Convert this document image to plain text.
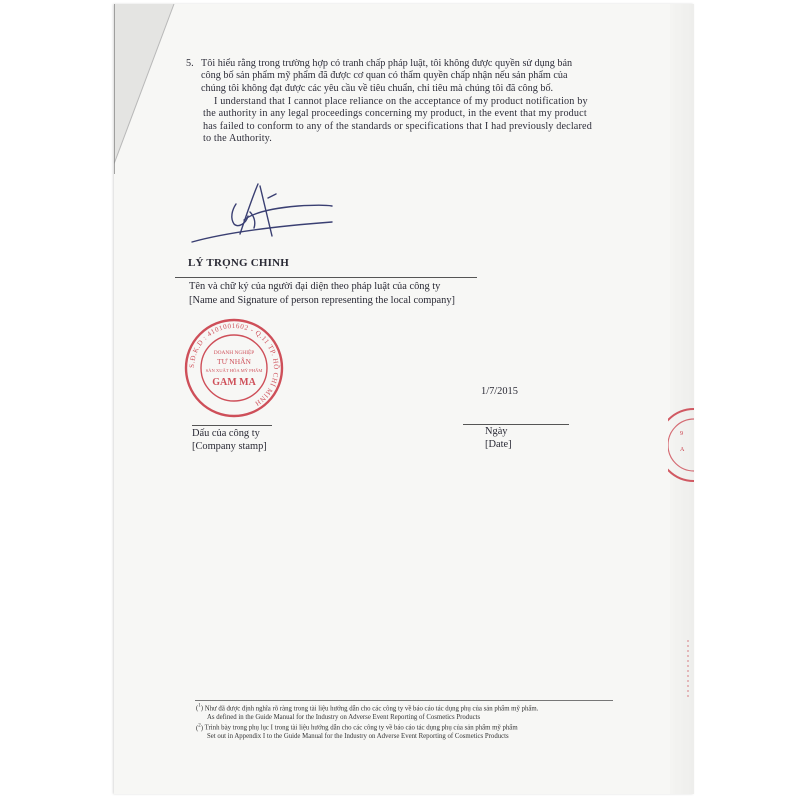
9
A
5. Tôi hiểu rằng trong trường hợp có tranh chấp pháp luật, tôi không được quyền sử dụng bản
công bố sản phẩm mỹ phẩm đã được cơ quan có thẩm quyền chấp nhận nếu sản phẩm của
chúng tôi không đạt được các yêu cầu về tiêu chuẩn, chỉ tiêu mà chúng tôi đã công bố.
I understand that I cannot place reliance on the acceptance of my product notification by
the authority in any legal proceedings concerning my product, in the event that my product
has failed to conform to any of the standards or specifications that I had previously declared
to the Authority.
LÝ TRỌNG CHINH
Tên và chữ ký của người đại diện theo pháp luật của công ty
[Name and Signature of person representing the local company]
S.Đ.K.D : 4101001602 - Q.11 TP. HỒ CHÍ MINH
DOANH NGHIỆP
TƯ NHÂN
SẢN XUẤT HÓA MỸ PHẨM
GAM MA
1/7/2015
Ngày
[Date]
Dấu của công ty
[Company stamp]
($^1$) Như đã được định nghĩa rõ ràng trong tài liệu hướng dẫn cho các công ty về báo cáo tác dụng phụ của sản phẩm mỹ phẩm.
As defined in the Guide Manual for the Industry on Adverse Event Reporting of Cosmetics Products
($^2$) Trình bày trong phụ lục I trong tài liệu hướng dẫn cho các công ty về báo cáo tác dụng phụ của sản phẩm mỹ phẩm
Set out in Appendix I to the Guide Manual for the Industry on Adverse Event Reporting of Cosmetics Products
